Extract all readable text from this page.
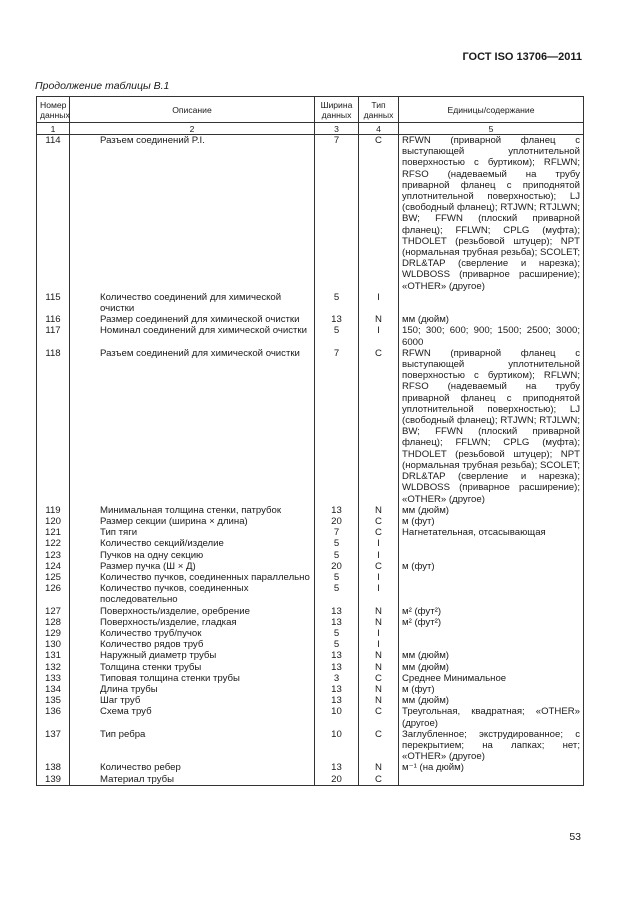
ГОСТ ISO 13706—2011
Продолжение таблицы В.1
Номер данных	Описание	Ширина данных	Тип данных	Единицы/содержание
1	2	3	4	5
114	Разъем соединений P.I.	7	C	RFWN (приварной фланец с выступающей уплотнительной поверхностью с буртиком); RFLWN; RFSO (надеваемый на трубу приварной фланец с приподнятой уплотнительной поверхностью); LJ (свободный фланец); RTJWN; RTJLWN; BW; FFWN (плоский приварной фланец); FFLWN; CPLG (муфта); THDOLET (резьбовой штуцер); NPT (нормальная трубная резьба); SCOLET; DRL&TAP (сверление и нарезка); WLDBOSS (приварное расширение); «OTHER» (другое)
115	Количество соединений для химической очистки	5	I	
116	Размер соединений для химической очистки	13	N	мм (дюйм)
117	Номинал соединений для химической очистки	5	I	150; 300; 600; 900; 1500; 2500; 3000; 6000
118	Разъем соединений для химической очистки	7	C	RFWN (приварной фланец с выступающей уплотнительной поверхностью с буртиком); RFLWN; RFSO (надеваемый на трубу приварной фланец с приподнятой уплотнительной поверхностью); LJ (свободный фланец); RTJWN; RTJLWN; BW; FFWN (плоский приварной фланец); FFLWN; CPLG (муфта); THDOLET (резьбовой штуцер); NPT (нормальная трубная резьба); SCOLET; DRL&TAP (сверление и нарезка); WLDBOSS (приварное расширение); «OTHER» (другое)
119	Минимальная толщина стенки, патрубок	13	N	мм (дюйм)
120	Размер секции (ширина × длина)	20	C	м (фут)
121	Тип тяги	7	C	Нагнетательная, отсасывающая
122	Количество секций/изделие	5	I	
123	Пучков на одну секцию	5	I	
124	Размер пучка (Ш × Д)	20	C	м (фут)
125	Количество пучков, соединенных параллельно	5	I	
126	Количество пучков, соединенных последовательно	5	I	
127	Поверхность/изделие, оребрение	13	N	м² (фут²)
128	Поверхность/изделие, гладкая	13	N	м² (фут²)
129	Количество труб/пучок	5	I	
130	Количество рядов труб	5	I	
131	Наружный диаметр трубы	13	N	мм (дюйм)
132	Толщина стенки трубы	13	N	мм (дюйм)
133	Типовая толщина стенки трубы	3	C	Среднее Минимальное
134	Длина трубы	13	N	м (фут)
135	Шаг труб	13	N	мм (дюйм)
136	Схема труб	10	C	Треугольная, квадратная; «OTHER» (другое)
137	Тип ребра	10	C	Заглубленное; экструдированное; с перекрытием; на лапках; нет; «OTHER» (другое)
138	Количество ребер	13	N	м⁻¹ (на дюйм)
139	Материал трубы	20	C	
53
